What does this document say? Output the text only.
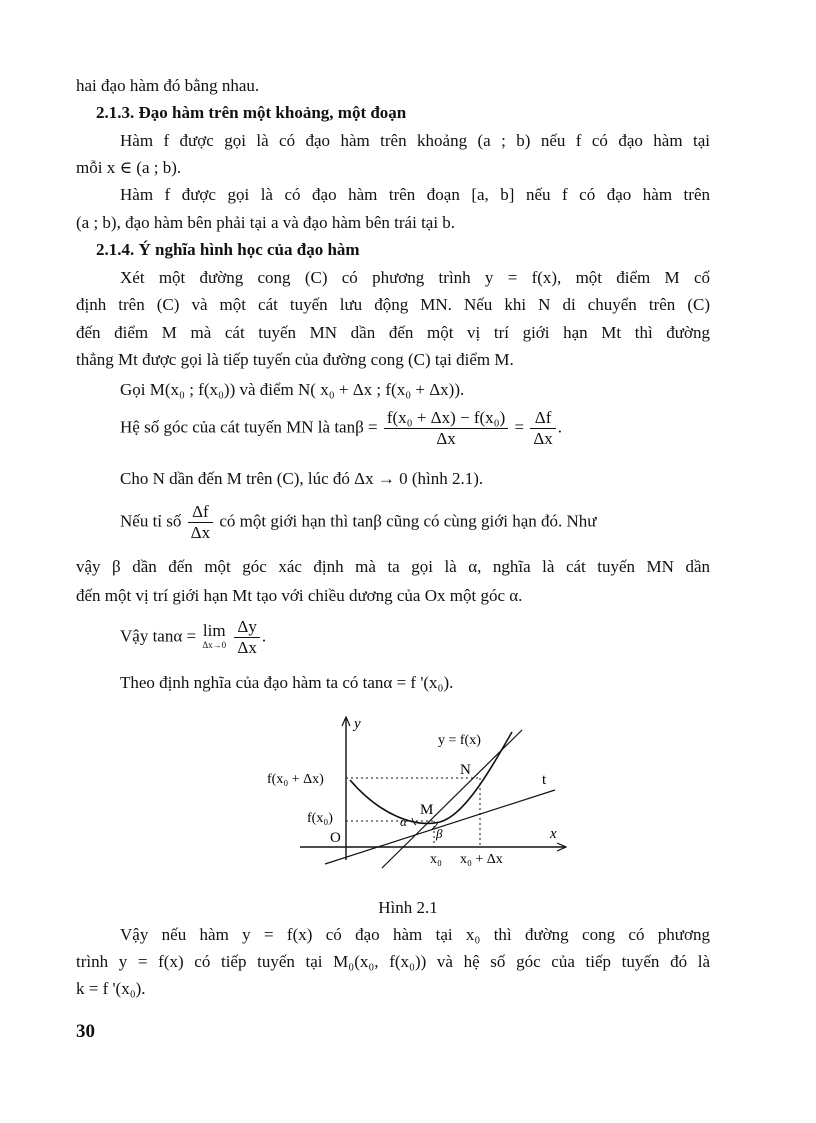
hai đạo hàm đó bằng nhau.
2.1.3. Đạo hàm trên một khoảng, một đoạn
Hàm f được gọi là có đạo hàm trên khoảng (a ; b) nếu f có đạo hàm tại
mỗi x ∈ (a ; b).
Hàm f được gọi là có đạo hàm trên đoạn [a, b] nếu f có đạo hàm trên
(a ; b), đạo hàm bên phải tại a và đạo hàm bên trái tại b.
2.1.4. Ý nghĩa hình học của đạo hàm
Xét một đường cong (C) có phương trình y = f(x), một điểm M cố
định trên (C) và một cát tuyến lưu động MN. Nếu khi N di chuyển trên (C)
đến điểm M mà cát tuyến MN dần đến một vị trí giới hạn Mt thì đường
thẳng Mt được gọi là tiếp tuyến của đường cong (C) tại điểm M.
Gọi M(x₀ ; f(x₀)) và điểm N( x₀ + Δx ; f(x₀ + Δx)).
Hệ số góc của cát tuyến MN là $\tan\beta = \frac{\text{f(x₀ + Δx) − f(x₀)}}{\Delta x} = \frac{\Delta f}{\Delta x}$ .
Cho N dần đến M trên (C), lúc đó Δx → 0 (hình 2.1).
Nếu tỉ số $\frac{\Delta f}{\Delta x}$ có một giới hạn thì tanβ cũng có cùng giới hạn đó. Như
vậy β dần đến một góc xác định mà ta gọi là α, nghĩa là cát tuyến MN dần
đến một vị trí giới hạn Mt tạo với chiều dương của Ox một góc α.
Vậy tanα = lim
Δx→0
$\frac{\Delta y}{\Delta x}$ .
Theo định nghĩa của đạo hàm ta có tanα = f '(x₀).
y
x
O
y = f(x)
M
N
t
f(x₀ + Δx)
f(x₀)
x₀ x₀ + Δx
α
β
Hình 2.1
Vậy nếu hàm y = f(x) có đạo hàm tại x₀ thì đường cong có phương
trình y = f(x) có tiếp tuyến tại M₀(x₀, f(x₀)) và hệ số góc của tiếp tuyến đó là
k = f '(x₀).
30
